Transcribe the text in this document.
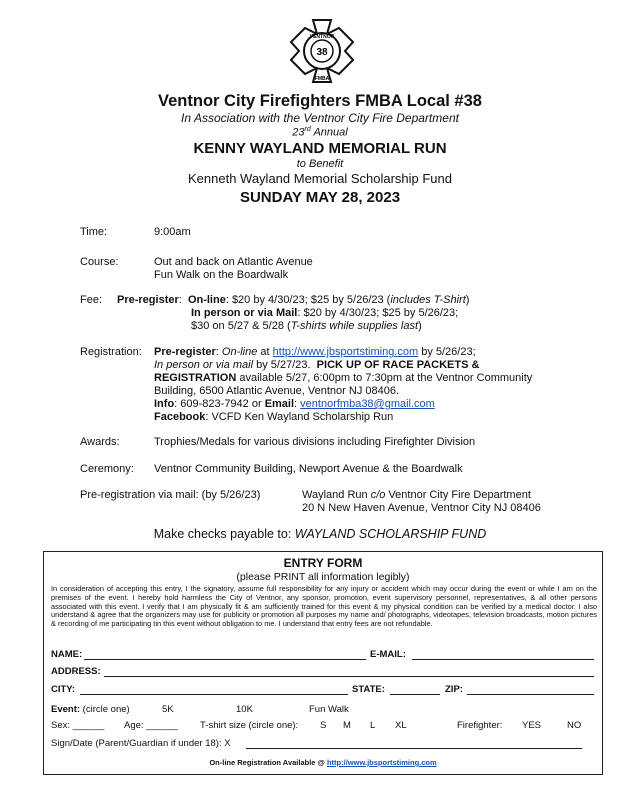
VENTNOR
38
FMBA
Ventnor City Firefighters FMBA Local #38
In Association with the Ventnor City Fire Department
23rd Annual
KENNY WAYLAND MEMORIAL RUN
to Benefit
Kenneth Wayland Memorial Scholarship Fund
SUNDAY MAY 28, 2023
Time:	9:00am
Course:	Out and back on Atlantic Avenue
Fun Walk on the Boardwalk
Fee: Pre-register:  On-line: $20 by 4/30/23; $25 by 5/26/23 (includes T-Shirt)
In person or via Mail: $20 by 4/30/23; $25 by 5/26/23;
$30 on 5/27 & 5/28 (T-shirts while supplies last)
Registration: Pre-register: On-line at http://www.jbsportstiming.com by 5/26/23;
In person or via mail by 5/27/23. PICK UP OF RACE PACKETS &
REGISTRATION available 5/27, 6:00pm to 7:30pm at the Ventnor Community
Building, 6500 Atlantic Avenue, Ventnor NJ 08406.
Info: 609-823-7942 or Email: ventnorfmba38@gmail.com
Facebook: VCFD Ken Wayland Scholarship Run
Awards:	Trophies/Medals for various divisions including Firefighter Division
Ceremony: Ventnor Community Building, Newport Avenue & the Boardwalk
Pre-registration via mail: (by 5/26/23)	Wayland Run c/o Ventnor City Fire Department
20 N New Haven Avenue, Ventnor City NJ 08406
Make checks payable to: WAYLAND SCHOLARSHIP FUND
ENTRY FORM
(please PRINT all information legibly)
In consideration of accepting this entry, I the signatory, assume full responsibility for any injury or accident which may occur during the event or while I am on the premises of the event. I hereby hold harmless the City of Ventnor, any sponsor, promotion, event supervisory personnel, representatives, & all other persons associated with this event. I verify that I am physically fit & am sufficiently trained for this event & my physical condition can be verified by a medical doctor. I also understand & agree that the organizers may use for publicity or promotion all purposes my name and/ photographs, videotapes, television broadcasts, motion pictures & recording of me participating tin this event without obligation to me. I understand that entry fees are not refundable.
NAME:	E-MAIL:
ADDRESS:
CITY:	STATE:	ZIP:
Event: (circle one)	5K	10K	Fun Walk
Sex: ______ Age: ______ T-shirt size (circle one): S M L XL	Firefighter: YES	NO
Sign/Date (Parent/Guardian if under 18): X
On-line Registration Available @ http://www.jbsportstiming.com
